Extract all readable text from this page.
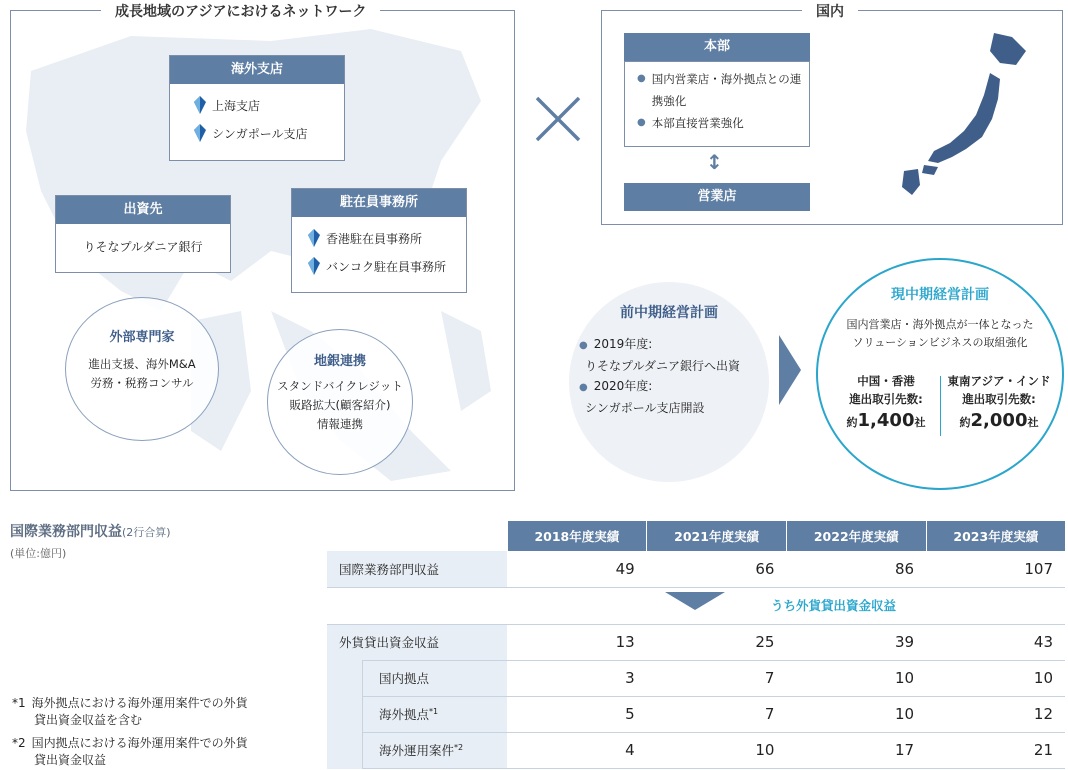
成長地域のアジアにおけるネットワーク
海外支店
上海支店
シンガポール支店
出資先
りそなプルダニア銀行
駐在員事務所
香港駐在員事務所
バンコク駐在員事務所
外部専門家
進出支援、海外M&A
労務・税務コンサル
地銀連携
スタンドバイクレジット
販路拡大(顧客紹介)
情報連携
国内
本部
● 国内営業店・海外拠点との連携強化
● 本部直接営業強化
↕
営業店
前中期経営計画
● 2019年度:
りそなプルダニア銀行へ出資
● 2020年度:
シンガポール支店開設
現中期経営計画
国内営業店・海外拠点が一体となった
ソリューションビジネスの取組強化
中国・香港
進出取引先数:
約1,400社
東南アジア・インド
進出取引先数:
約2,000社
国際業務部門収益(2行合算)
(単位:億円)
	2018年度実績	2021年度実績	2022年度実績	2023年度実績
国際業務部門収益	49	66	86	107

うち外貨貸出資金収益				

外貨貸出資金収益	13	25	39	43
国内拠点	3	7	10	10
海外拠点$^{*1}$	5	7	10	12
海外運用案件$^{*2}$	4	10	17	21
*1 海外拠点における海外運用案件での外貨
貸出資金収益を含む
*2 国内拠点における海外運用案件での外貨
貸出資金収益
